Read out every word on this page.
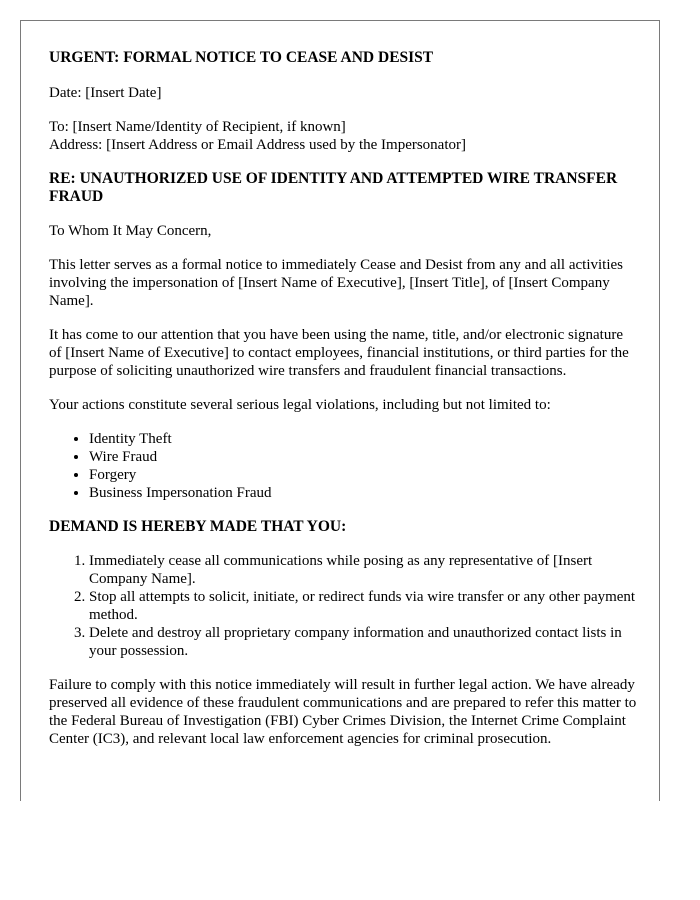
URGENT: FORMAL NOTICE TO CEASE AND DESIST
Date: [Insert Date]
To: [Insert Name/Identity of Recipient, if known]
Address: [Insert Address or Email Address used by the Impersonator]
RE: UNAUTHORIZED USE OF IDENTITY AND ATTEMPTED WIRE TRANSFER FRAUD
To Whom It May Concern,
This letter serves as a formal notice to immediately Cease and Desist from any and all activities involving the impersonation of [Insert Name of Executive], [Insert Title], of [Insert Company Name].
It has come to our attention that you have been using the name, title, and/or electronic signature of [Insert Name of Executive] to contact employees, financial institutions, or third parties for the purpose of soliciting unauthorized wire transfers and fraudulent financial transactions.
Your actions constitute several serious legal violations, including but not limited to:
• Identity Theft
• Wire Fraud
• Forgery
• Business Impersonation Fraud
DEMAND IS HEREBY MADE THAT YOU:
1. Immediately cease all communications while posing as any representative of [Insert Company Name].
2. Stop all attempts to solicit, initiate, or redirect funds via wire transfer or any other payment method.
3. Delete and destroy all proprietary company information and unauthorized contact lists in your possession.
Failure to comply with this notice immediately will result in further legal action. We have already preserved all evidence of these fraudulent communications and are prepared to refer this matter to the Federal Bureau of Investigation (FBI) Cyber Crimes Division, the Internet Crime Complaint Center (IC3), and relevant local law enforcement agencies for criminal prosecution.
